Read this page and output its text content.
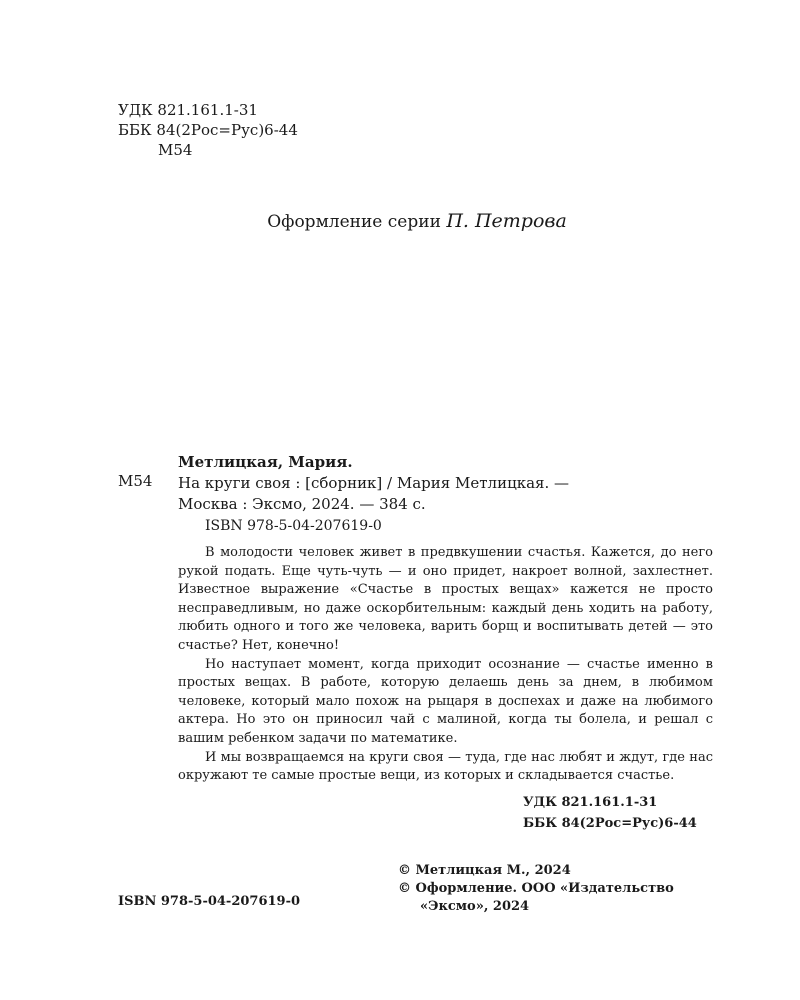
УДК 821.161.1-31
ББК 84(2Рос=Рус)6-44
М54
Оформление серии П. Петрова
М54
Метлицкая, Мария.
На круги своя : [сборник] / Мария Метлицкая. —
Москва : Эксмо, 2024. — 384 с.
ISBN 978-5-04-207619-0

В молодости человек живет в предвкушении счастья. Кажется, до него рукой подать. Еще чуть-чуть — и оно придет, накроет волной, захлестнет. Известное выражение «Счастье в простых вещах» кажется не просто несправедливым, но даже оскорбительным: каждый день ходить на работу, любить одного и того же человека, варить борщ и воспитывать детей — это счастье? Нет, конечно!

Но наступает момент, когда приходит осознание — счастье именно в простых вещах. В работе, которую делаешь день за днем, в любимом человеке, который мало похож на рыцаря в доспехах и даже на любимого актера. Но это он приносил чай с малиной, когда ты болела, и решал с вашим ребенком задачи по математике.

И мы возвращаемся на круги своя — туда, где нас любят и ждут, где нас окружают те самые простые вещи, из которых и складывается счастье.

УДК 821.161.1-31
ББК 84(2Рос=Рус)6-44
ISBN 978-5-04-207619-0
© Метлицкая М., 2024
© Оформление. ООО «Издательство
«Эксмо», 2024
